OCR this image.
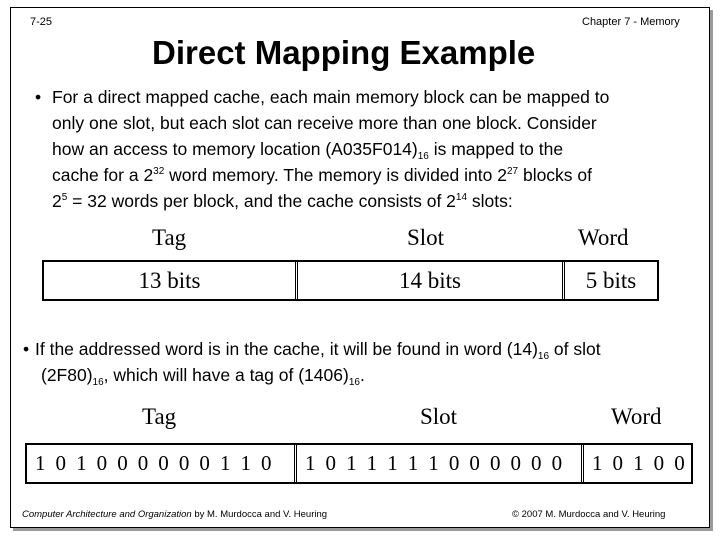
7-25	Chapter 7 - Memory
Direct Mapping Example
• For a direct mapped cache, each main memory block can be mapped to
only one slot, but each slot can receive more than one block. Consider
how an access to memory location $(A035F014)_{16}$ is mapped to the
cache for a $2^{32}$ word memory. The memory is divided into $2^{27}$ blocks of
$2^5 = 32$ words per block, and the cache consists of $2^{14}$ slots:
Tag	Slot	Word
13 bits	14 bits	5 bits
• If the addressed word is in the cache, it will be found in word $(14)_{16}$ of slot
$(2F80)_{16}$, which will have a tag of $(1406)_{16}$.
Tag	Slot	Word
1 0 1 0 0 0 0 0 0 1 1 0	1 0 1 1 1 1 1 0 0 0 0 0 0	1 0 1 0 0
Computer Architecture and Organization by M. Murdocca and V. Heuring	© 2007 M. Murdocca and V. Heuring
